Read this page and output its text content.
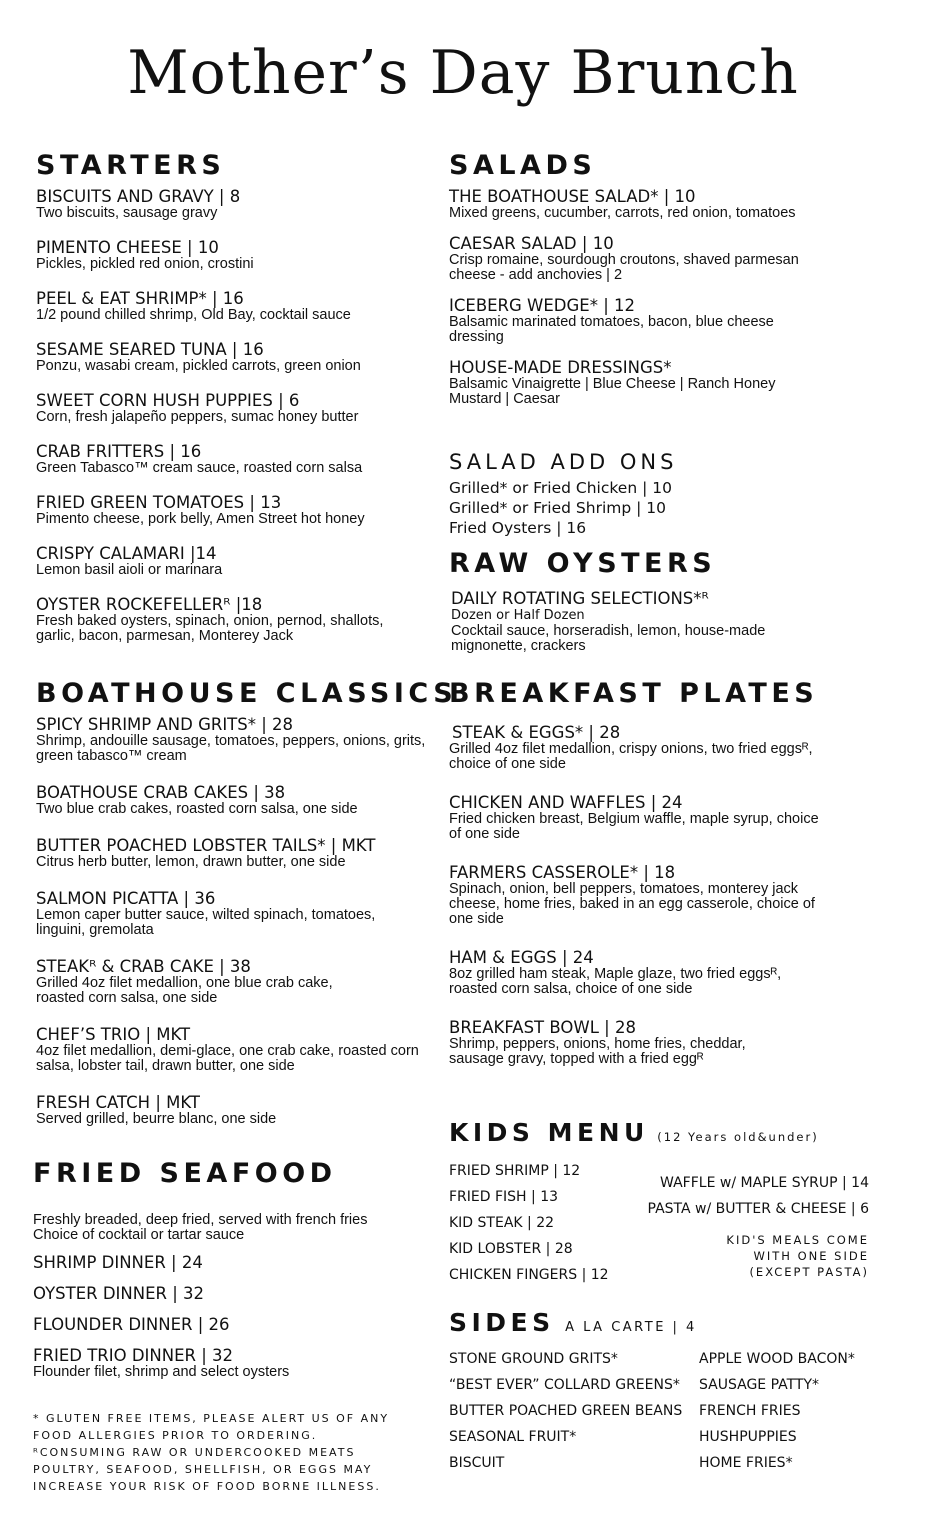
Mother’s Day Brunch
STARTERS
BISCUITS AND GRAVY | 8
Two biscuits, sausage gravy
PIMENTO CHEESE | 10
Pickles, pickled red onion, crostini
PEEL & EAT SHRIMP* | 16
1/2 pound chilled shrimp, Old Bay, cocktail sauce
SESAME SEARED TUNA | 16
Ponzu, wasabi cream, pickled carrots, green onion
SWEET CORN HUSH PUPPIES | 6
Corn, fresh jalapeño peppers, sumac honey butter
CRAB FRITTERS | 16
Green Tabasco™ cream sauce, roasted corn salsa
FRIED GREEN TOMATOES | 13
Pimento cheese, pork belly, Amen Street hot honey
CRISPY CALAMARI |14
Lemon basil aioli or marinara
OYSTER ROCKEFELLERᴿ |18
Fresh baked oysters, spinach, onion, pernod, shallots, garlic, bacon, parmesan, Monterey Jack
BOATHOUSE CLASSICS
SPICY SHRIMP AND GRITS* | 28
Shrimp, andouille sausage, tomatoes, peppers, onions, grits, green tabasco™ cream
BOATHOUSE CRAB CAKES | 38
Two blue crab cakes, roasted corn salsa, one side
BUTTER POACHED LOBSTER TAILS* | MKT
Citrus herb butter, lemon, drawn butter, one side
SALMON PICATTA | 36
Lemon caper butter sauce, wilted spinach, tomatoes, linguini, gremolata
STEAKᴿ & CRAB CAKE | 38
Grilled 4oz filet medallion, one blue crab cake, roasted corn salsa, one side
CHEF’S TRIO | MKT
4oz filet medallion, demi-glace, one crab cake, roasted corn salsa, lobster tail, drawn butter, one side
FRESH CATCH | MKT
Served grilled, beurre blanc, one side
FRIED SEAFOOD
Freshly breaded, deep fried, served with french fries
Choice of cocktail or tartar sauce
SHRIMP DINNER | 24
OYSTER DINNER | 32
FLOUNDER DINNER | 26
FRIED TRIO DINNER | 32
Flounder filet, shrimp and select oysters
* GLUTEN FREE ITEMS, PLEASE ALERT US OF ANY
FOOD ALLERGIES PRIOR TO ORDERING.
ᴿCONSUMING RAW OR UNDERCOOKED MEATS
POULTRY, SEAFOOD, SHELLFISH, OR EGGS MAY
INCREASE YOUR RISK OF FOOD BORNE ILLNESS.
SALADS
THE BOATHOUSE SALAD* | 10
Mixed greens, cucumber, carrots, red onion, tomatoes
CAESAR SALAD | 10
Crisp romaine, sourdough croutons, shaved parmesan cheese - add anchovies | 2
ICEBERG WEDGE* | 12
Balsamic marinated tomatoes, bacon, blue cheese dressing
HOUSE-MADE DRESSINGS*
Balsamic Vinaigrette | Blue Cheese | Ranch Honey Mustard | Caesar
SALAD ADD ONS
Grilled* or Fried Chicken | 10
Grilled* or Fried Shrimp | 10
Fried Oysters | 16
RAW OYSTERS
DAILY ROTATING SELECTIONS*ᴿ
Dozen or Half Dozen
Cocktail sauce, horseradish, lemon, house-made mignonette, crackers
BREAKFAST PLATES
STEAK & EGGS* | 28
Grilled 4oz filet medallion, crispy onions, two fried eggsᴿ, choice of one side
CHICKEN AND WAFFLES | 24
Fried chicken breast, Belgium waffle, maple syrup, choice of one side
FARMERS CASSEROLE* | 18
Spinach, onion, bell peppers, tomatoes, monterey jack cheese, home fries, baked in an egg casserole, choice of one side
HAM & EGGS | 24
8oz grilled ham steak, Maple glaze, two fried eggsᴿ, roasted corn salsa, choice of one side
BREAKFAST BOWL | 28
Shrimp, peppers, onions, home fries, cheddar, sausage gravy, topped with a fried eggᴿ
KIDS MENU (12 Years old&under)
FRIED SHRIMP | 12
FRIED FISH | 13
KID STEAK | 22
KID LOBSTER | 28
CHICKEN FINGERS | 12
WAFFLE w/ MAPLE SYRUP | 14
PASTA w/ BUTTER & CHEESE | 6
KID'S MEALS COME
WITH ONE SIDE
(EXCEPT PASTA)
SIDES A LA CARTE | 4
STONE GROUND GRITS*
“BEST EVER” COLLARD GREENS*
BUTTER POACHED GREEN BEANS
SEASONAL FRUIT*
BISCUIT
APPLE WOOD BACON*
SAUSAGE PATTY*
FRENCH FRIES
HUSHPUPPIES
HOME FRIES*
